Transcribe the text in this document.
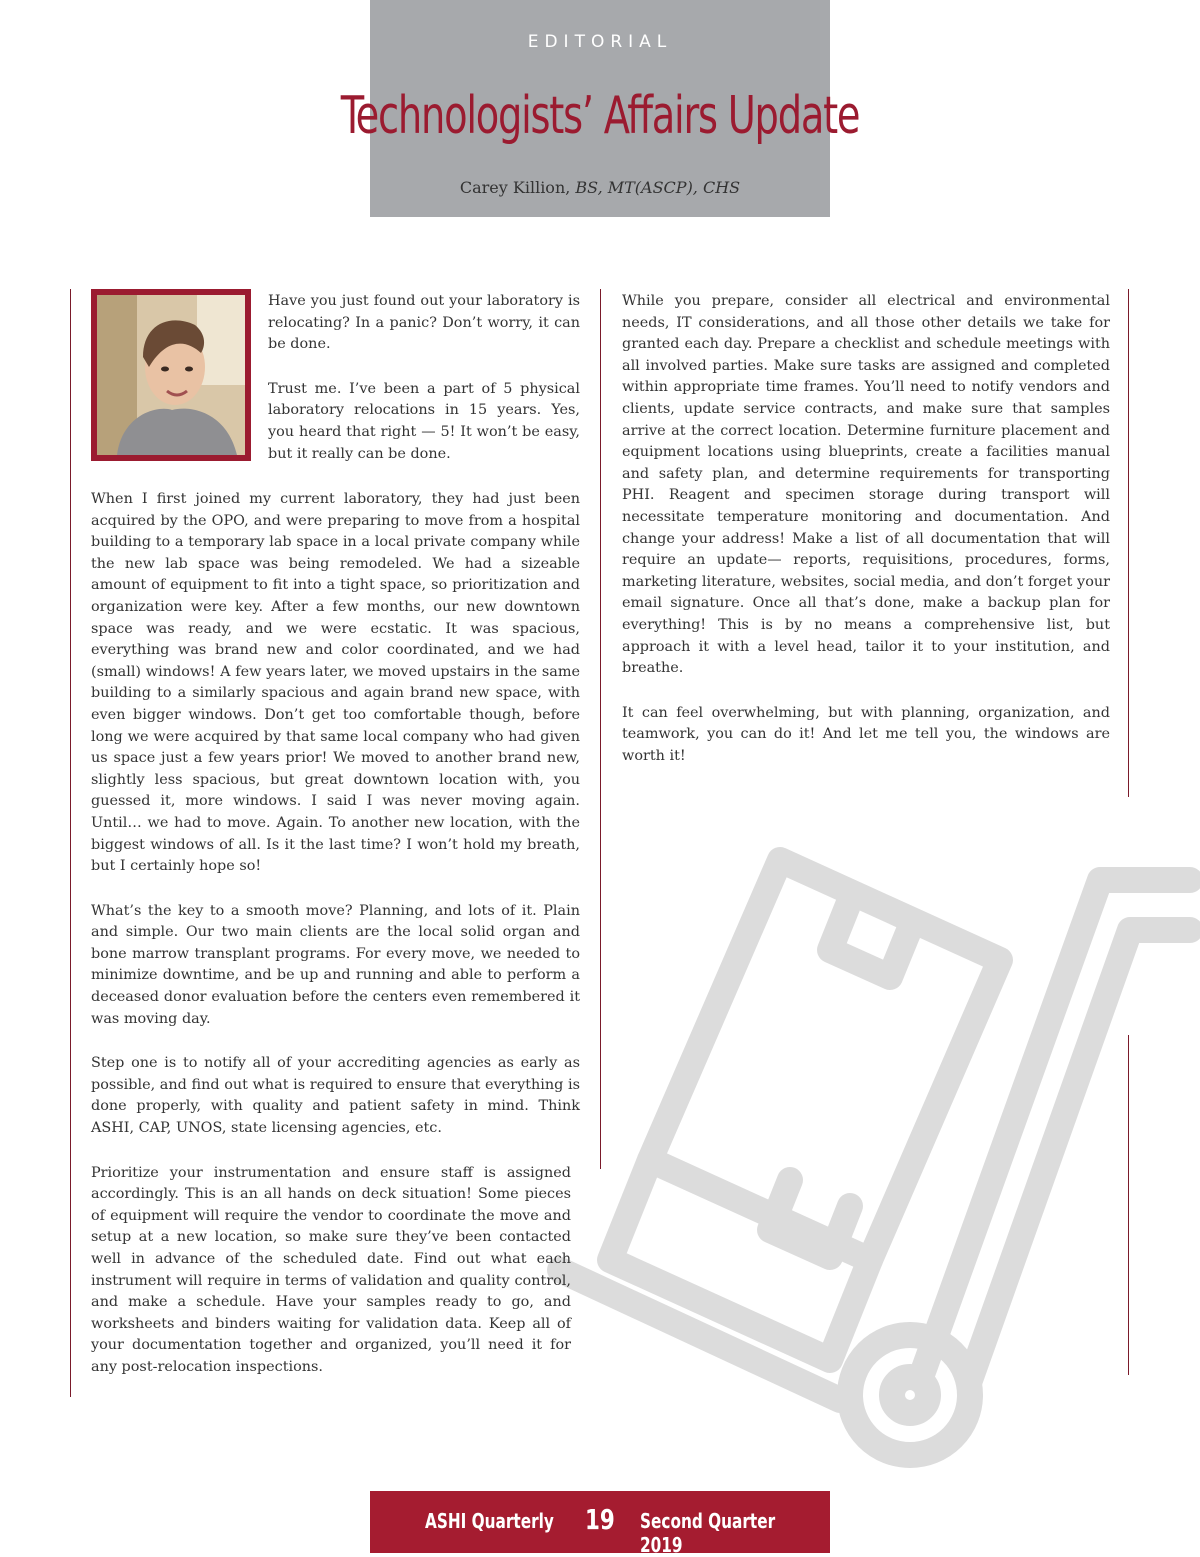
EDITORIAL
Technologists’ Affairs Update
Carey Killion, BS, MT(ASCP), CHS

Have you just found out your laboratory is relocating? In a panic? Don’t worry, it can be done.

Trust me. I’ve been a part of 5 physical laboratory relocations in 15 years. Yes, you heard that right — 5! It won’t be easy, but it really can be done.

When I first joined my current laboratory, they had just been acquired by the OPO, and were preparing to move from a hospital building to a temporary lab space in a local private company while the new lab space was being remodeled. We had a sizeable amount of equipment to fit into a tight space, so prioritization and organization were key. After a few months, our new downtown space was ready, and we were ecstatic. It was spacious, everything was brand new and color coordinated, and we had (small) windows! A few years later, we moved upstairs in the same building to a similarly spacious and again brand new space, with even bigger windows. Don’t get too comfortable though, before long we were acquired by that same local company who had given us space just a few years prior! We moved to another brand new, slightly less spacious, but great downtown location with, you guessed it, more windows. I said I was never moving again. Until… we had to move. Again. To another new location, with the biggest windows of all. Is it the last time? I won’t hold my breath, but I certainly hope so!

What’s the key to a smooth move? Planning, and lots of it. Plain and simple. Our two main clients are the local solid organ and bone marrow transplant programs. For every move, we needed to minimize downtime, and be up and running and able to perform a deceased donor evaluation before the centers even remembered it was moving day.

Step one is to notify all of your accrediting agencies as early as possible, and find out what is required to ensure that everything is done properly, with quality and patient safety in mind. Think ASHI, CAP, UNOS, state licensing agencies, etc.

Prioritize your instrumentation and ensure staff is assigned accordingly. This is an all hands on deck situation! Some pieces of equipment will require the vendor to coordinate the move and setup at a new location, so make sure they’ve been contacted well in advance of the scheduled date. Find out what each instrument will require in terms of validation and quality control, and make a schedule. Have your samples ready to go, and worksheets and binders waiting for validation data. Keep all of your documentation together and organized, you’ll need it for any post-relocation inspections.

While you prepare, consider all electrical and environmental needs, IT considerations, and all those other details we take for granted each day. Prepare a checklist and schedule meetings with all involved parties. Make sure tasks are assigned and completed within appropriate time frames. You’ll need to notify vendors and clients, update service contracts, and make sure that samples arrive at the correct location. Determine furniture placement and equipment locations using blueprints, create a facilities manual and safety plan, and determine requirements for transporting PHI. Reagent and specimen storage during transport will necessitate temperature monitoring and documentation. And change your address! Make a list of all documentation that will require an update— reports, requisitions, procedures, forms, marketing literature, websites, social media, and don’t forget your email signature. Once all that’s done, make a backup plan for everything! This is by no means a comprehensive list, but approach it with a level head, tailor it to your institution, and breathe.

It can feel overwhelming, but with planning, organization, and teamwork, you can do it! And let me tell you, the windows are worth it!

ASHI Quarterly 19 Second Quarter 2019
